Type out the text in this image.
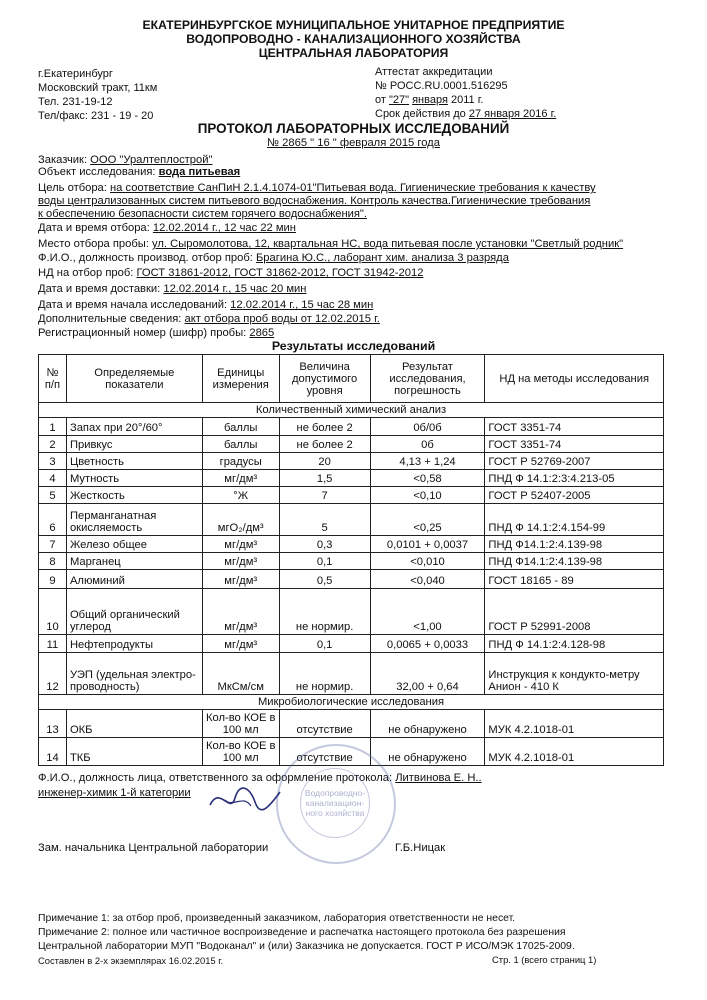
ЕКАТЕРИНБУРГСКОЕ МУНИЦИПАЛЬНОЕ УНИТАРНОЕ ПРЕДПРИЯТИЕ
ВОДОПРОВОДНО - КАНАЛИЗАЦИОННОГО ХОЗЯЙСТВА
ЦЕНТРАЛЬНАЯ ЛАБОРАТОРИЯ
г.Екатеринбург
Московский тракт, 11км
Тел. 231-19-12
Тел/факс: 231 - 19 - 20
Аттестат аккредитации
№ РОСС.RU.0001.516295
от "27" января 2011 г.
Срок действия до 27 января 2016 г.
ПРОТОКОЛ ЛАБОРАТОРНЫХ ИССЛЕДОВАНИЙ
№ 2865 " 16 " февраля 2015 года
Заказчик: ООО "Уралтеплострой"
Объект исследования: вода питьевая
Цель отбора: на соответствие СанПиН 2.1.4.1074-01"Питьевая вода. Гигиенические требования к качеству
воды централизованных систем питьевого водоснабжения. Контроль качества.Гигиенические требования
к обеспечению безопасности систем горячего водоснабжения".
Дата и время отбора: 12.02.2014 г., 12 час 22 мин
Место отбора пробы: ул. Сыромолотова, 12, квартальная НС, вода питьевая после установки "Светлый родник"
Ф.И.О., должность производ. отбор проб: Брагина Ю.С., лаборант хим. анализа 3 разряда
НД на отбор проб: ГОСТ 31861-2012, ГОСТ 31862-2012, ГОСТ 31942-2012
Дата и время доставки: 12.02.2014 г., 15 час 20 мин
Дата и время начала исследований: 12.02.2014 г., 15 час 28 мин
Дополнительные сведения: акт отбора проб воды от 12.02.2015 г.
Регистрационный номер (шифр) пробы: 2865
Результаты исследований
№ п/п	Определяемые показатели	Единицы измерения	Величина допустимого уровня	Результат исследования, погрешность	НД на методы исследования
Количественный химический анализ					
1	Запах при 20°/60°	баллы	не более 2	0б/0б	ГОСТ 3351-74
2	Привкус	баллы	не более 2	0б	ГОСТ 3351-74
3	Цветность	градусы	20	4,13 + 1,24	ГОСТ Р 52769-2007
4	Мутность	мг/дм³	1,5	<0,58	ПНД Ф 14.1:2:3:4.213-05
5	Жесткость	°Ж	7	<0,10	ГОСТ Р 52407-2005
6	Перманганатная окисляемость	мгО₂/дм³	5	<0,25	ПНД Ф 14.1:2:4.154-99
7	Железо общее	мг/дм³	0,3	0,0101 + 0,0037	ПНД Ф14.1:2:4.139-98
8	Марганец	мг/дм³	0,1	<0,010	ПНД Ф14.1:2:4.139-98
9	Алюминий	мг/дм³	0,5	<0,040	ГОСТ 18165 - 89
10	Общий органический углерод	мг/дм³	не нормир.	<1,00	ГОСТ Р 52991-2008
11	Нефтепродукты	мг/дм³	0,1	0,0065 + 0,0033	ПНД Ф 14.1:2:4.128-98
12	УЭП (удельная электро-проводность)	МкСм/см	не нормир.	32,00 + 0,64	Инструкция к кондукто-метру Анион - 410 К
Микробиологические исследования					
13	ОКБ	Кол-во КОЕ в 100 мл	отсутствие	не обнаружено	МУК 4.2.1018-01
14	ТКБ	Кол-во КОЕ в 100 мл	отсутствие	не обнаружено	МУК 4.2.1018-01
Ф.И.О., должность лица, ответственного за оформление протокола: Литвинова Е. Н..
инженер-химик 1-й категории	Водопроводно-канализацион-ного хозяйства
Зам. начальника Центральной лаборатории	Г.Б.Ницак
Примечание 1: за отбор проб, произведенный заказчиком, лаборатория ответственности не несет.
Примечание 2: полное или частичное воспроизведение и распечатка настоящего протокола без разрешения
Центральной лаборатории МУП "Водоканал" и (или) Заказчика не допускается. ГОСТ Р ИСО/МЭК 17025-2009.
Составлен в 2-х экземплярах 16.02.2015 г.	Стр. 1 (всего страниц 1)
